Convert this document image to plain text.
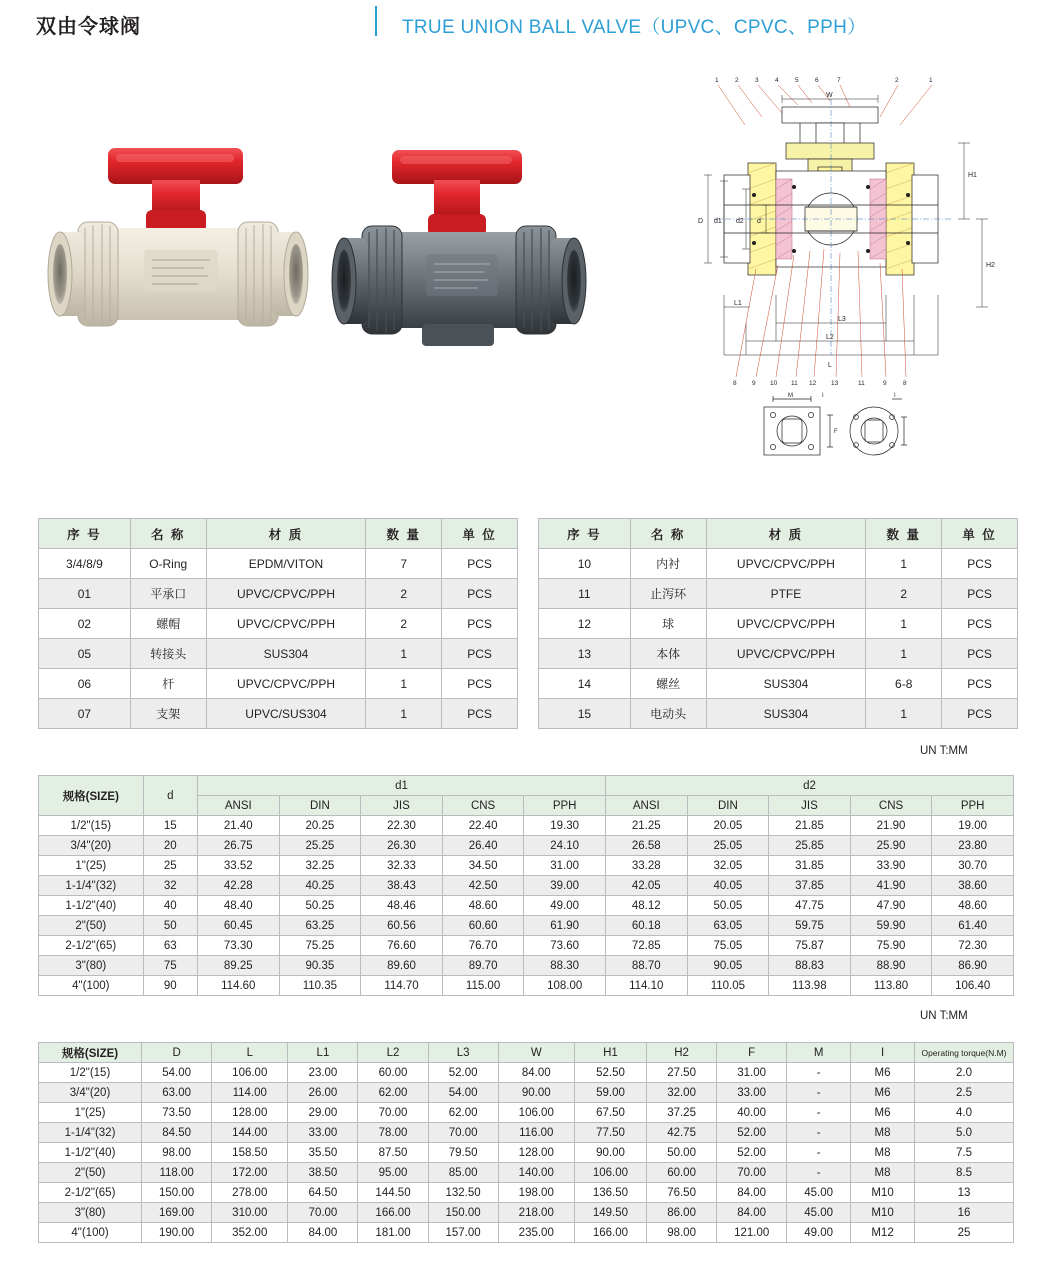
双由令球阀	TRUE UNION BALL VALVE（UPVC、CPVC、PPH）
1	2	3	4	5	6	7	2	1
H1
H2
W
D d1 d2 d
L1
L3
L2
L
8 9 10 11 12 13	11	9	8
M	I
F
I
序 号	名 称	材 质	数 量	单 位
3/4/8/9	O-Ring	EPDM/VITON	7	PCS
01	平承口	UPVC/CPVC/PPH	2	PCS
02	螺帽	UPVC/CPVC/PPH	2	PCS
05	转接头	SUS304	1	PCS
06	杆	UPVC/CPVC/PPH	1	PCS
07	支架	UPVC/SUS304	1	PCS
序 号	名 称	材 质	数 量	单 位
10	内衬	UPVC/CPVC/PPH	1	PCS
11	止泻环	PTFE	2	PCS
12	球	UPVC/CPVC/PPH	1	PCS
13	本体	UPVC/CPVC/PPH	1	PCS
14	螺丝	SUS304	6-8	PCS
15	电动头	SUS304	1	PCS
UN T:MM
规格(SIZE)	d	d1					d2				
		ANSI	DIN	JIS	CNS	PPH	ANSI	DIN	JIS	CNS	PPH
1/2"(15)	15	21.40	20.25	22.30	22.40	19.30	21.25	20.05	21.85	21.90	19.00
3/4"(20)	20	26.75	25.25	26.30	26.40	24.10	26.58	25.05	25.85	25.90	23.80
1"(25)	25	33.52	32.25	32.33	34.50	31.00	33.28	32.05	31.85	33.90	30.70
1-1/4"(32)	32	42.28	40.25	38.43	42.50	39.00	42.05	40.05	37.85	41.90	38.60
1-1/2"(40)	40	48.40	50.25	48.46	48.60	49.00	48.12	50.05	47.75	47.90	48.60
2"(50)	50	60.45	63.25	60.56	60.60	61.90	60.18	63.05	59.75	59.90	61.40
2-1/2"(65)	63	73.30	75.25	76.60	76.70	73.60	72.85	75.05	75.87	75.90	72.30
3"(80)	75	89.25	90.35	89.60	89.70	88.30	88.70	90.05	88.83	88.90	86.90
4"(100)	90	114.60	110.35	114.70	115.00	108.00	114.10	110.05	113.98	113.80	106.40
UN T:MM
规格(SIZE)	D	L	L1	L2	L3	W	H1	H2	F	M	I	Operating torque(N.M)
1/2"(15)	54.00	106.00	23.00	60.00	52.00	84.00	52.50	27.50	31.00	-	M6	2.0
3/4"(20)	63.00	114.00	26.00	62.00	54.00	90.00	59.00	32.00	33.00	-	M6	2.5
1"(25)	73.50	128.00	29.00	70.00	62.00	106.00	67.50	37.25	40.00	-	M6	4.0
1-1/4"(32)	84.50	144.00	33.00	78.00	70.00	116.00	77.50	42.75	52.00	-	M8	5.0
1-1/2"(40)	98.00	158.50	35.50	87.50	79.50	128.00	90.00	50.00	52.00	-	M8	7.5
2"(50)	118.00	172.00	38.50	95.00	85.00	140.00	106.00	60.00	70.00	-	M8	8.5
2-1/2"(65)	150.00	278.00	64.50	144.50	132.50	198.00	136.50	76.50	84.00	45.00	M10	13
3"(80)	169.00	310.00	70.00	166.00	150.00	218.00	149.50	86.00	84.00	45.00	M10	16
4"(100)	190.00	352.00	84.00	181.00	157.00	235.00	166.00	98.00	121.00	49.00	M12	25
